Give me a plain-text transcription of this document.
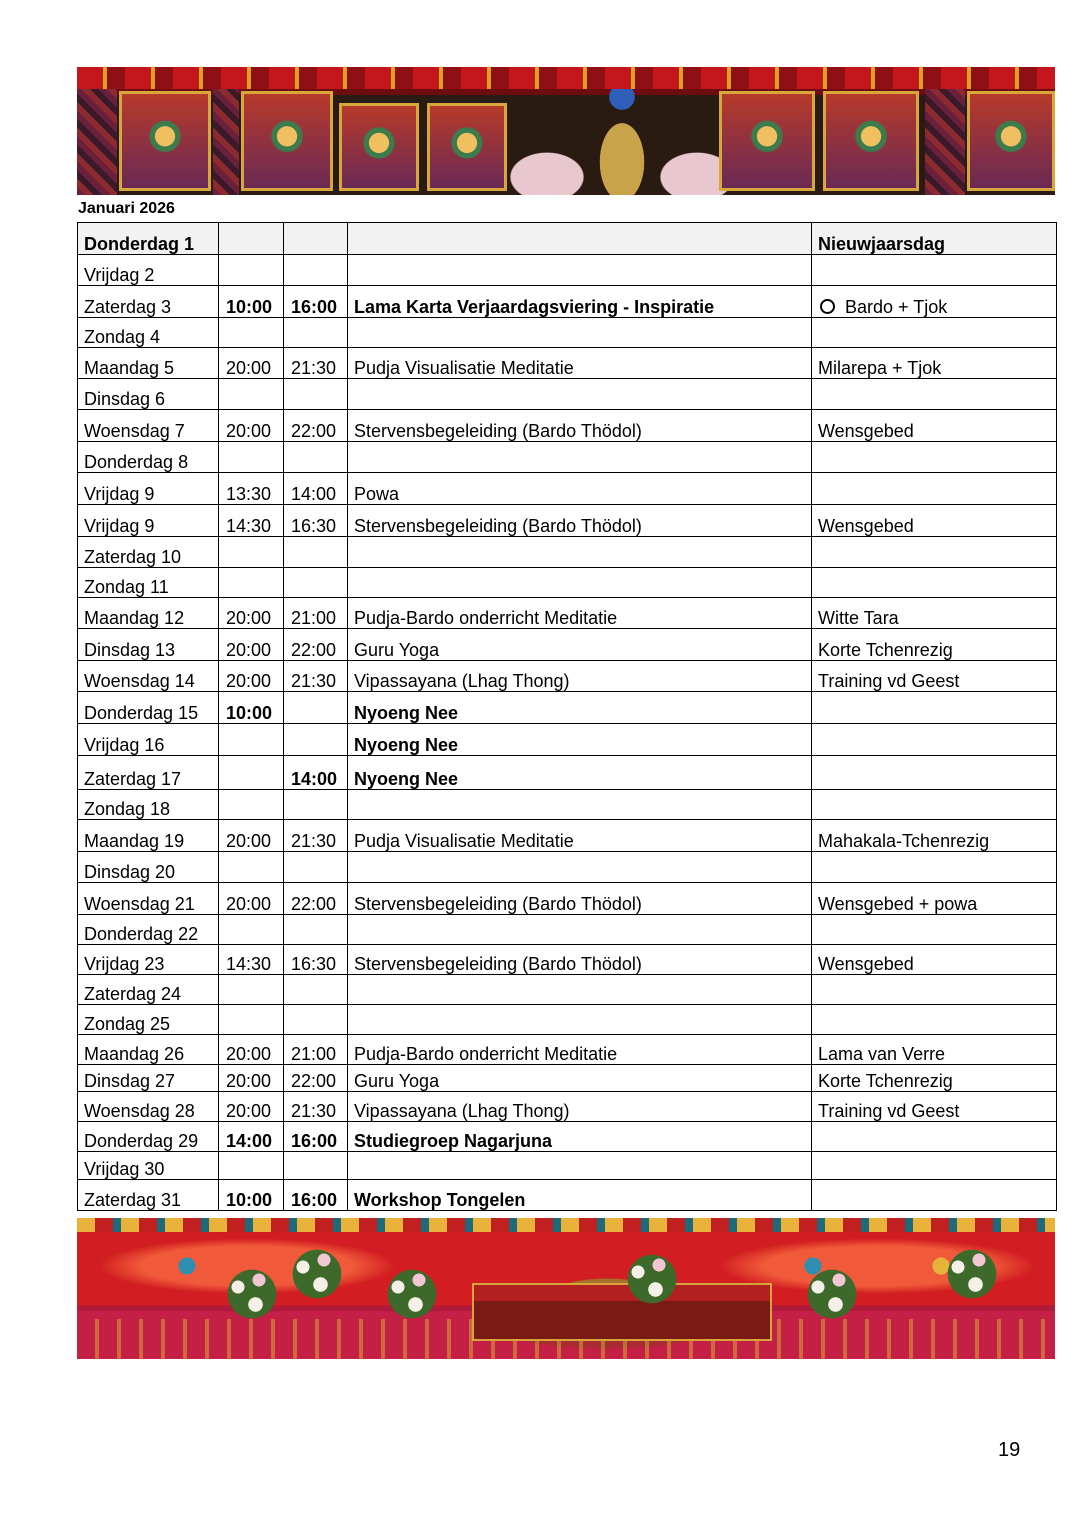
Januari 2026
Donderdag 1				Nieuwjaarsdag
Vrijdag 2				
Zaterdag 3	10:00	16:00	Lama Karta Verjaardagsviering - Inspiratie	Bardo + Tjok
Zondag 4				
Maandag 5	20:00	21:30	Pudja Visualisatie Meditatie	Milarepa + Tjok
Dinsdag 6				
Woensdag 7	20:00	22:00	Stervensbegeleiding (Bardo Thödol)	Wensgebed
Donderdag 8				
Vrijdag 9	13:30	14:00	Powa	
Vrijdag 9	14:30	16:30	Stervensbegeleiding (Bardo Thödol)	Wensgebed
Zaterdag 10				
Zondag 11				
Maandag 12	20:00	21:00	Pudja-Bardo onderricht Meditatie	Witte Tara
Dinsdag 13	20:00	22:00	Guru Yoga	Korte Tchenrezig
Woensdag 14	20:00	21:30	Vipassayana (Lhag Thong)	Training vd Geest
Donderdag 15	10:00		Nyoeng Nee	
Vrijdag 16			Nyoeng Nee	
Zaterdag 17		14:00	Nyoeng Nee	
Zondag 18				
Maandag 19	20:00	21:30	Pudja Visualisatie Meditatie	Mahakala-Tchenrezig
Dinsdag 20				
Woensdag 21	20:00	22:00	Stervensbegeleiding (Bardo Thödol)	Wensgebed + powa
Donderdag 22				
Vrijdag 23	14:30	16:30	Stervensbegeleiding (Bardo Thödol)	Wensgebed
Zaterdag 24				
Zondag 25				
Maandag 26	20:00	21:00	Pudja-Bardo onderricht Meditatie	Lama van Verre
Dinsdag 27	20:00	22:00	Guru Yoga	Korte Tchenrezig
Woensdag 28	20:00	21:30	Vipassayana (Lhag Thong)	Training vd Geest
Donderdag 29	14:00	16:00	Studiegroep Nagarjuna	
Vrijdag 30				
Zaterdag 31	10:00	16:00	Workshop Tongelen	
19
